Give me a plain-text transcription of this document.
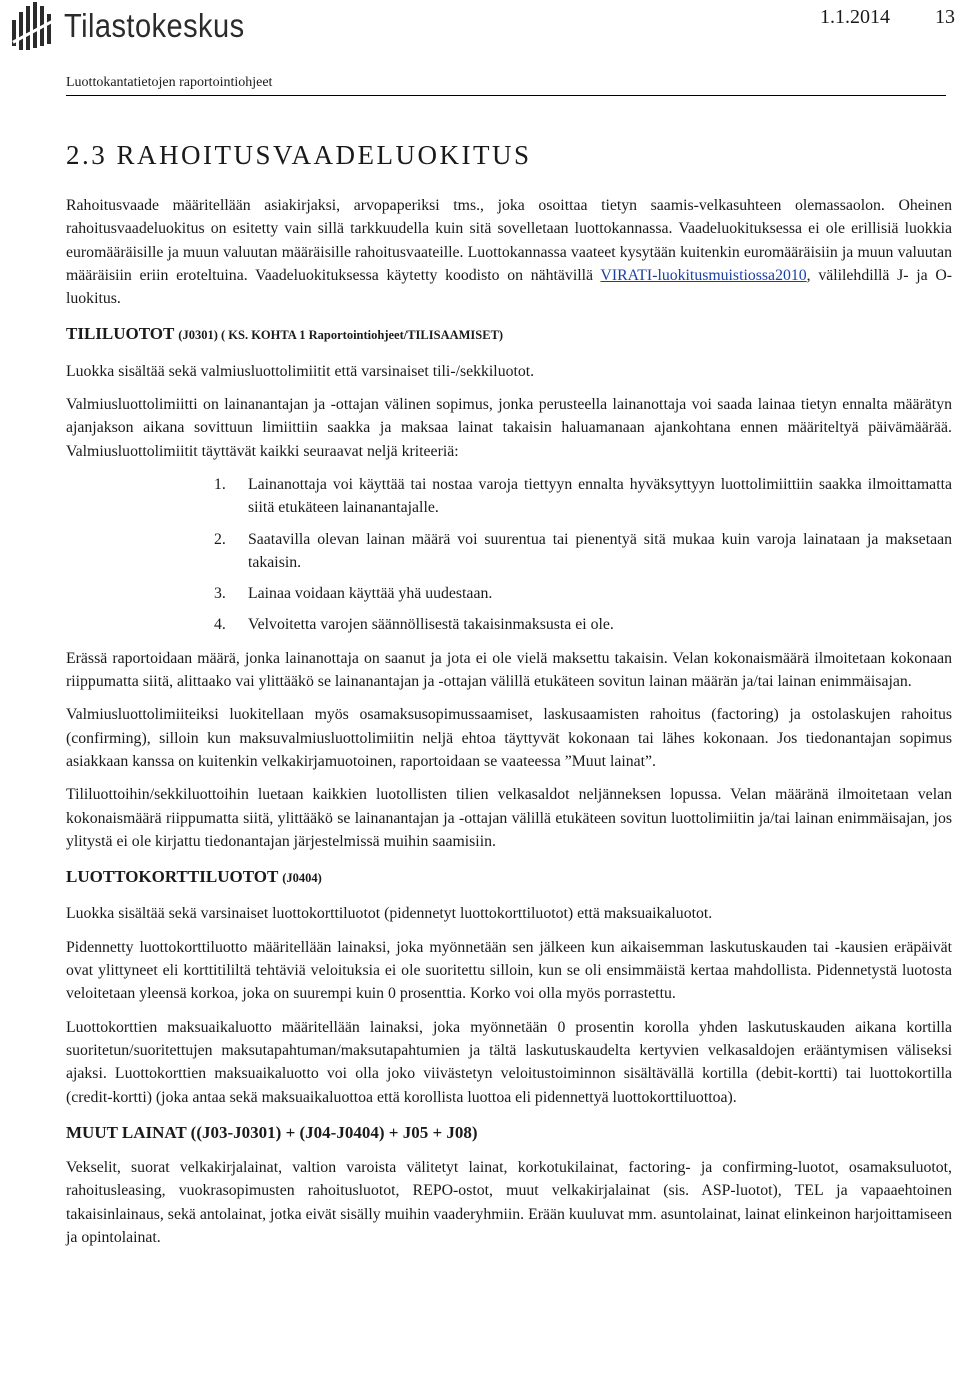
Tilastokeskus	1.1.2014 13
Luottokantatietojen raportointiohjeet
2.3 RAHOITUSVAADELUOKITUS

Rahoitusvaade määritellään asiakirjaksi, arvopaperiksi tms., joka osoittaa tietyn saamis-velkasuhteen olemassaolon. Oheinen rahoitusvaadeluokitus on esitetty vain sillä tarkkuudella kuin sitä sovelletaan luottokannassa. Vaadeluokituksessa ei ole erillisiä luokkia euromääräisille ja muun valuutan määräisille rahoitusvaateille. Luottokannassa vaateet kysytään kuitenkin euromääräisiin ja muun valuutan määräisiin eriin eroteltuina. Vaadeluokituksessa käytetty koodisto on nähtävillä VIRATI-luokitusmuistiossa2010, välilehdillä J- ja O-luokitus.

TILILUOTOT (J0301) ( KS. KOHTA 1 Raportointiohjeet/TILISAAMISET)

Luokka sisältää sekä valmiusluottolimiitit että varsinaiset tili-/sekkiluotot.

Valmiusluottolimiitti on lainanantajan ja -ottajan välinen sopimus, jonka perusteella lainanottaja voi saada lainaa tietyn ennalta määrätyn ajanjakson aikana sovittuun limiittiin saakka ja maksaa lainat takaisin haluamanaan ajankohtana ennen määriteltyä päivämäärää. Valmiusluottolimiitit täyttävät kaikki seuraavat neljä kriteeriä:

1.	Lainanottaja voi käyttää tai nostaa varoja tiettyyn ennalta hyväksyttyyn luottolimiittiin saakka ilmoittamatta siitä etukäteen lainanantajalle.
2.	Saatavilla olevan lainan määrä voi suurentua tai pienentyä sitä mukaa kuin varoja lainataan ja maksetaan takaisin.
3.	Lainaa voidaan käyttää yhä uudestaan.
4.	Velvoitetta varojen säännöllisestä takaisinmaksusta ei ole.

Erässä raportoidaan määrä, jonka lainanottaja on saanut ja jota ei ole vielä maksettu takaisin. Velan kokonaismäärä ilmoitetaan kokonaan riippumatta siitä, alittaako vai ylittääkö se lainanantajan ja -ottajan välillä etukäteen sovitun lainan määrän ja/tai lainan enimmäisajan.

Valmiusluottolimiiteiksi luokitellaan myös osamaksusopimussaamiset, laskusaamisten rahoitus (factoring) ja ostolaskujen rahoitus (confirming), silloin kun maksuvalmiusluottolimiitin neljä ehtoa täyttyvät kokonaan tai lähes kokonaan. Jos tiedonantajan sopimus asiakkaan kanssa on kuitenkin velkakirjamuotoinen, raportoidaan se vaateessa ”Muut lainat”.

Tililuottoihin/sekkiluottoihin luetaan kaikkien luotollisten tilien velkasaldot neljänneksen lopussa. Velan määränä ilmoitetaan velan kokonaismäärä riippumatta siitä, ylittääkö se lainanantajan ja -ottajan välillä etukäteen sovitun luottolimiitin ja/tai lainan enimmäisajan, jos ylitystä ei ole kirjattu tiedonantajan järjestelmissä muihin saamisiin.

LUOTTOKORTTILUOTOT (J0404)

Luokka sisältää sekä varsinaiset luottokorttiluotot (pidennetyt luottokorttiluotot) että maksuaikaluotot.

Pidennetty luottokorttiluotto määritellään lainaksi, joka myönnetään sen jälkeen kun aikaisemman laskutuskauden tai -kausien eräpäivät ovat ylittyneet eli korttitililtä tehtäviä veloituksia ei ole suoritettu silloin, kun se oli ensimmäistä kertaa mahdollista. Pidennetystä luotosta veloitetaan yleensä korkoa, joka on suurempi kuin 0 prosenttia. Korko voi olla myös porrastettu.

Luottokorttien maksuaikaluotto määritellään lainaksi, joka myönnetään 0 prosentin korolla yhden laskutuskauden aikana kortilla suoritetun/suoritettujen maksutapahtuman/maksutapahtumien ja tältä laskutuskaudelta kertyvien velkasaldojen erääntymisen väliseksi ajaksi. Luottokorttien maksuaikaluotto voi olla joko viivästetyn veloitustoiminnon sisältävällä kortilla (debit-kortti) tai luottokortilla (credit-kortti) (joka antaa sekä maksuaikaluottoa että korollista luottoa eli pidennettyä luottokorttiluottoa).

MUUT LAINAT ((J03-J0301) + (J04-J0404) + J05 + J08)

Vekselit, suorat velkakirjalainat, valtion varoista välitetyt lainat, korkotukilainat, factoring- ja confirming-luotot, osamaksuluotot, rahoitusleasing, vuokrasopimusten rahoitusluotot, REPO-ostot, muut velkakirjalainat (sis. ASP-luotot), TEL ja vapaaehtoinen takaisinlainaus, sekä antolainat, jotka eivät sisälly muihin vaaderyhmiin. Erään kuuluvat mm. asuntolainat, lainat elinkeinon harjoittamiseen ja opintolainat.
